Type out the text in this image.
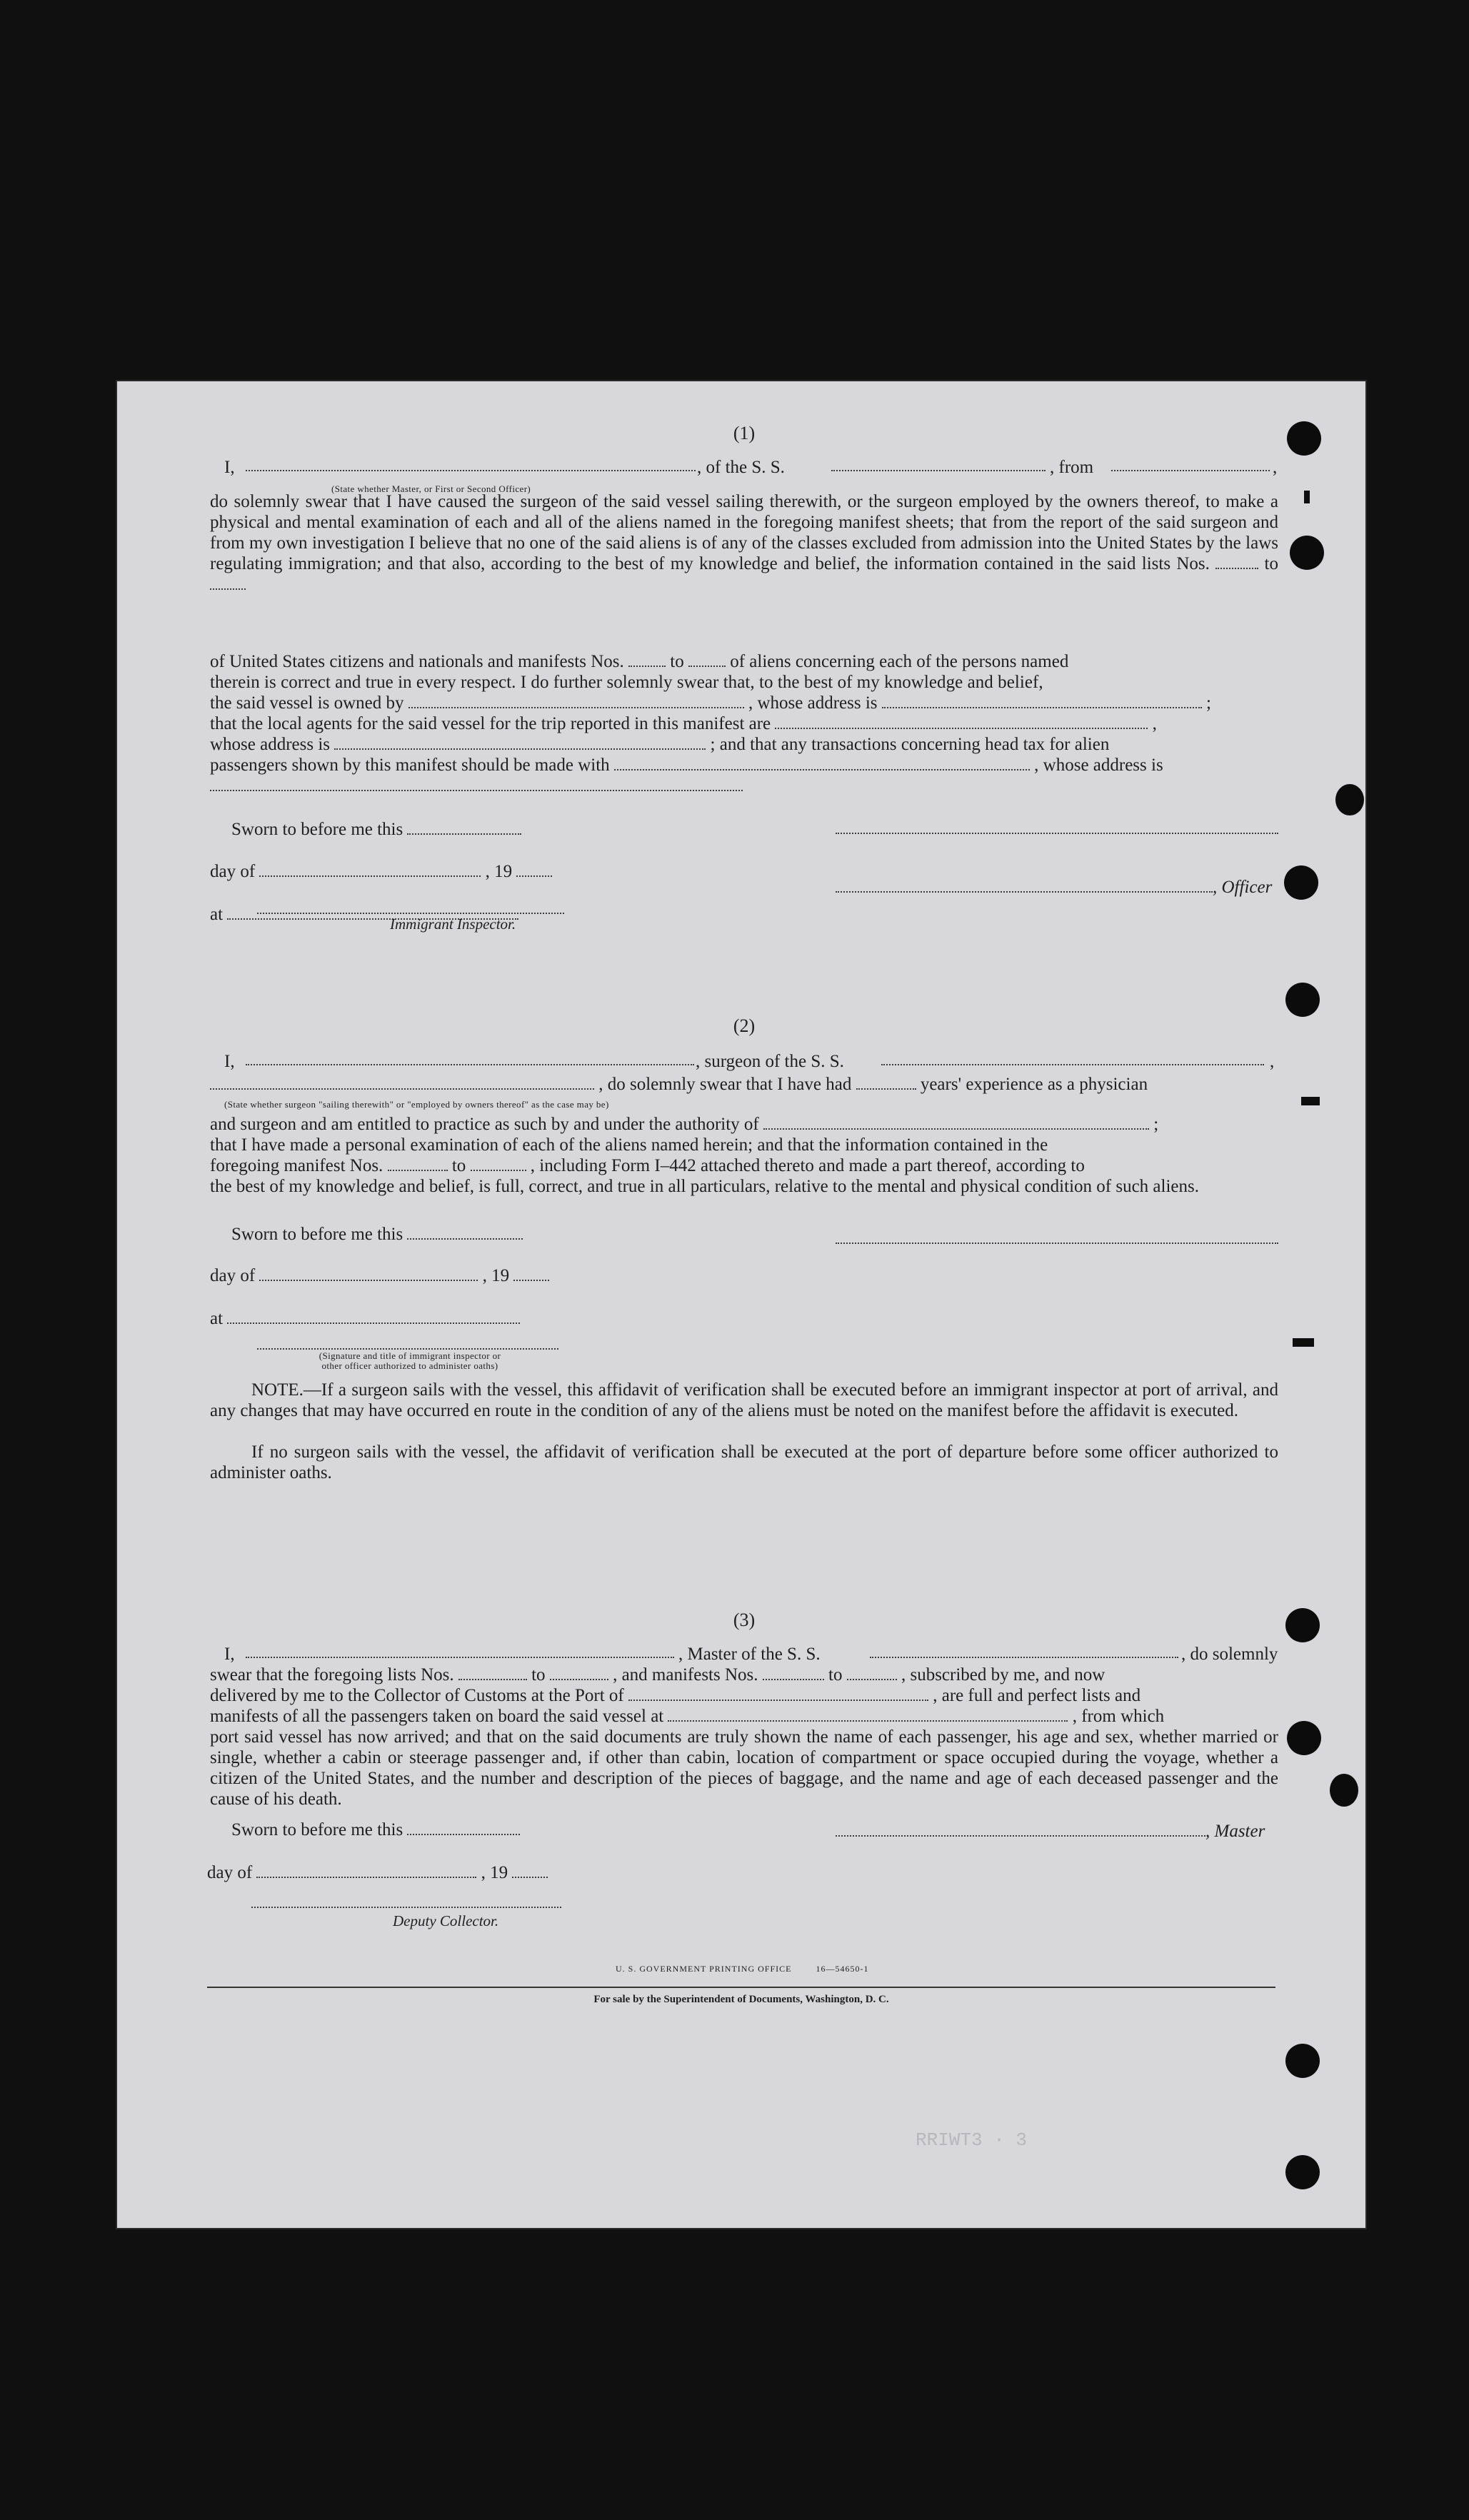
RRIWT3 · 3
(1)
I,	, of the S. S.	, from	,
(State whether Master, or First or Second Officer)
do solemnly swear that I have caused the surgeon of the said vessel sailing therewith, or the surgeon employed by the owners thereof, to make a physical and mental examination of each and all of the aliens named in the foregoing manifest sheets; that from the report of the said surgeon and from my own investigation I believe that no one of the said aliens is of any of the classes excluded from admission into the United States by the laws regulating immigration; and that also, according to the best of my knowledge and belief, the information contained in the said lists Nos.	to
of United States citizens and nationals and manifests Nos.	to	of aliens concerning each of the persons named
therein is correct and true in every respect. I do further solemnly swear that, to the best of my knowledge and belief,
the said vessel is owned by	, whose address is	;
that the local agents for the said vessel for the trip reported in this manifest are	,
whose address is	; and that any transactions concerning head tax for alien
passengers shown by this manifest should be made with	, whose address is
Sworn to before me this
day of	, 19
, Officer
at	Immigrant Inspector.
(2)
I,	, surgeon of the S. S.	,
, do solemnly swear that I have had	years' experience as a physician
(State whether surgeon "sailing therewith" or "employed by owners thereof" as the case may be)
and surgeon and am entitled to practice as such by and under the authority of	;
that I have made a personal examination of each of the aliens named herein; and that the information contained in the
foregoing manifest Nos.	to	, including Form I–442 attached thereto and made a part thereof, according to
the best of my knowledge and belief, is full, correct, and true in all particulars, relative to the mental and physical condition of such aliens.
Sworn to before me this
day of	, 19
at
(Signature and title of immigrant inspector or
other officer authorized to administer oaths)
NOTE.—If a surgeon sails with the vessel, this affidavit of verification shall be executed before an immigrant inspector at port of arrival, and any changes that may have occurred en route in the condition of any of the aliens must be noted on the manifest before the affidavit is executed.
If no surgeon sails with the vessel, the affidavit of verification shall be executed at the port of departure before some officer authorized to administer oaths.
(3)
I,	, Master of the S. S.	, do solemnly
swear that the foregoing lists Nos.	to	, and manifests Nos.	to	, subscribed by me, and now
delivered by me to the Collector of Customs at the Port of	, are full and perfect lists and
manifests of all the passengers taken on board the said vessel at	, from which
port said vessel has now arrived; and that on the said documents are truly shown the name of each passenger, his age and sex, whether married or single, whether a cabin or steerage passenger and, if other than cabin, location of compartment or space occupied during the voyage, whether a citizen of the United States, and the number and description of the pieces of baggage, and the name and age of each deceased passenger and the cause of his death.
Sworn to before me this	, Master
day of	, 19
Deputy Collector.
U. S. GOVERNMENT PRINTING OFFICE	16—54650-1
For sale by the Superintendent of Documents, Washington, D. C.
